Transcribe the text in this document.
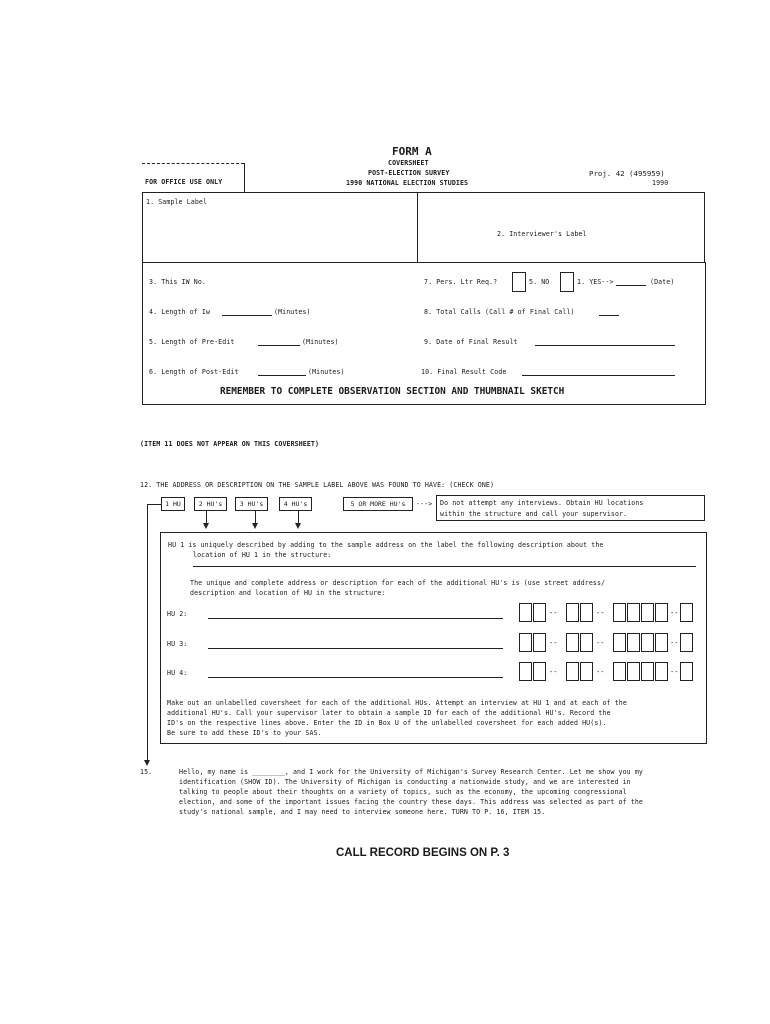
FORM A
COVERSHEET
POST-ELECTION SURVEY
1990 NATIONAL ELECTION STUDIES
Proj. 42 (495959)
1990
FOR OFFICE USE ONLY
1. Sample Label
2. Interviewer's Label
3. This IW No.
4. Length of Iw	(Minutes)
5. Length of Pre-Edit	(Minutes)
6. Length of Post-Edit	(Minutes)
7. Pers. Ltr Req.?	5. NO	1. YES-->	(Date)
8. Total Calls (Call # of Final Call)
9. Date of Final Result
10. Final Result Code
REMEMBER TO COMPLETE OBSERVATION SECTION AND THUMBNAIL SKETCH
(ITEM 11 DOES NOT APPEAR ON THIS COVERSHEET)
12. THE ADDRESS OR DESCRIPTION ON THE SAMPLE LABEL ABOVE WAS FOUND TO HAVE: (CHECK ONE)
1 HU	2 HU's	3 HU's	4 HU's	5 OR MORE HU's	---> Do not attempt any interviews. Obtain HU locations
within the structure and call your supervisor.
HU 1 is uniquely described by adding to the sample address on the label the following description about the
location of HU 1 in the structure:
The unique and complete address or description for each of the additional HU's is (use street address/
description and location of HU in the structure:
HU 2:	--	--	--
HU 3:	--	--	--
HU 4:	--	--	--
Make out an unlabelled coversheet for each of the additional HUs. Attempt an interview at HU 1 and at each of the
additional HU's. Call your supervisor later to obtain a sample ID for each of the additional HU's. Record the
ID's on the respective lines above. Enter the ID in Box U of the unlabelled coversheet for each added HU(s).
Be sure to add these ID's to your SAS.
15.	Hello, my name is ________, and I work for the University of Michigan's Survey Research Center. Let me show you my
identification (SHOW ID). The University of Michigan is conducting a nationwide study, and we are interested in
talking to people about their thoughts on a variety of topics, such as the economy, the upcoming congressional
election, and some of the important issues facing the country these days. This address was selected as part of the
study's national sample, and I may need to interview someone here. TURN TO P. 16, ITEM 15.
CALL RECORD BEGINS ON P. 3
